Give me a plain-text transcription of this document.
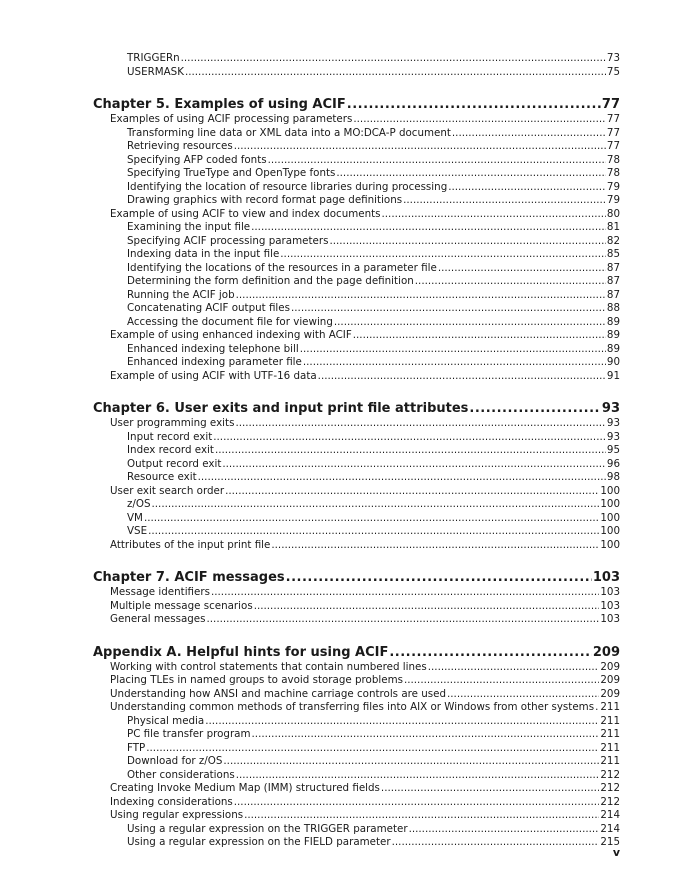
TRIGGERn .....	73
USERMASK .....	75
Chapter 5. Examples of using ACIF .....	77
Examples of using ACIF processing parameters .....	77
Transforming line data or XML data into a MO:DCA-P document .....	77
Retrieving resources .....	77
Specifying AFP coded fonts .....	78
Specifying TrueType and OpenType fonts .....	78
Identifying the location of resource libraries during processing .....	79
Drawing graphics with record format page definitions .....	79
Example of using ACIF to view and index documents .....	80
Examining the input file .....	81
Specifying ACIF processing parameters .....	82
Indexing data in the input file .....	85
Identifying the locations of the resources in a parameter file .....	87
Determining the form definition and the page definition .....	87
Running the ACIF job .....	87
Concatenating ACIF output files .....	88
Accessing the document file for viewing .....	89
Example of using enhanced indexing with ACIF .....	89
Enhanced indexing telephone bill .....	89
Enhanced indexing parameter file .....	90
Example of using ACIF with UTF-16 data .....	91
Chapter 6. User exits and input print file attributes .....	93
User programming exits .....	93
Input record exit .....	93
Index record exit .....	95
Output record exit .....	96
Resource exit .....	98
User exit search order .....	100
z/OS .....	100
VM .....	100
VSE .....	100
Attributes of the input print file .....	100
Chapter 7. ACIF messages .....	103
Message identifiers .....	103
Multiple message scenarios .....	103
General messages .....	103
Appendix A. Helpful hints for using ACIF .....	209
Working with control statements that contain numbered lines .....	209
Placing TLEs in named groups to avoid storage problems .....	209
Understanding how ANSI and machine carriage controls are used .....	209
Understanding common methods of transferring files into AIX or Windows from other systems ..... 211
Physical media .....	211
PC file transfer program .....	211
FTP .....	211
Download for z/OS .....	211
Other considerations .....	212
Creating Invoke Medium Map (IMM) structured fields .....	212
Indexing considerations .....	212
Using regular expressions .....	214
Using a regular expression on the TRIGGER parameter .....	214
Using a regular expression on the FIELD parameter .....	215
v
